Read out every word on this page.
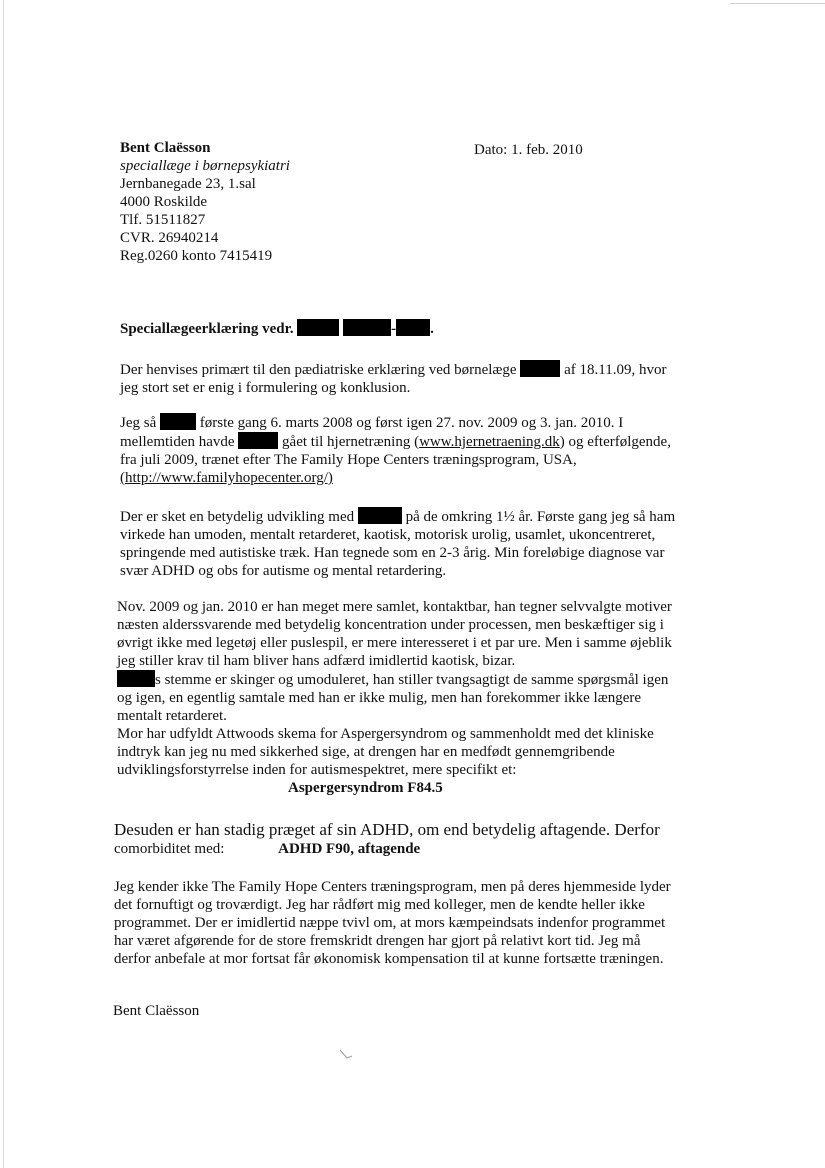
Bent Claësson
speciallæge i børnepsykiatri
Jernbanegade 23, 1.sal
4000 Roskilde
Tlf. 51511827
CVR. 26940214
Reg.0260 konto 7415419
Dato: 1. feb. 2010
Speciallægeerklæring vedr.	- .
Der henvises primært til den pædiatriske erklæring ved børnelæge	af 18.11.09, hvor
jeg stort set er enig i formulering og konklusion.
Jeg så	første gang 6. marts 2008 og først igen 27. nov. 2009 og 3. jan. 2010. I
mellemtiden havde	gået til hjernetræning (www.hjernetraening.dk) og efterfølgende,
fra juli 2009, trænet efter The Family Hope Centers træningsprogram, USA,
(http://www.familyhopecenter.org/)
Der er sket en betydelig udvikling med	på de omkring 1½ år. Første gang jeg så ham
virkede han umoden, mentalt retarderet, kaotisk, motorisk urolig, usamlet, ukoncentreret,
springende med autistiske træk. Han tegnede som en 2-3 årig. Min foreløbige diagnose var
svær ADHD og obs for autisme og mental retardering.
Nov. 2009 og jan. 2010 er han meget mere samlet, kontaktbar, han tegner selvvalgte motiver
næsten alderssvarende med betydelig koncentration under processen, men beskæftiger sig i
øvrigt ikke med legetøj eller puslespil, er mere interesseret i et par ure. Men i samme øjeblik
jeg stiller krav til ham bliver hans adfærd imidlertid kaotisk, bizar.
s stemme er skinger og umoduleret, han stiller tvangsagtigt de samme spørgsmål igen
og igen, en egentlig samtale med han er ikke mulig, men han forekommer ikke længere
mentalt retarderet.
Mor har udfyldt Attwoods skema for Aspergersyndrom og sammenholdt med det kliniske
indtryk kan jeg nu med sikkerhed sige, at drengen har en medfødt gennemgribende
udviklingsforstyrrelse inden for autismespektret, mere specifikt et:
Aspergersyndrom F84.5
Desuden er han stadig præget af sin ADHD, om end betydelig aftagende. Derfor
comorbiditet med:	ADHD F90, aftagende
Jeg kender ikke The Family Hope Centers træningsprogram, men på deres hjemmeside lyder
det fornuftigt og troværdigt. Jeg har rådført mig med kolleger, men de kendte heller ikke
programmet. Der er imidlertid næppe tvivl om, at mors kæmpeindsats indenfor programmet
har været afgørende for de store fremskridt drengen har gjort på relativt kort tid. Jeg må
derfor anbefale at mor fortsat får økonomisk kompensation til at kunne fortsætte træningen.
Bent Claësson
